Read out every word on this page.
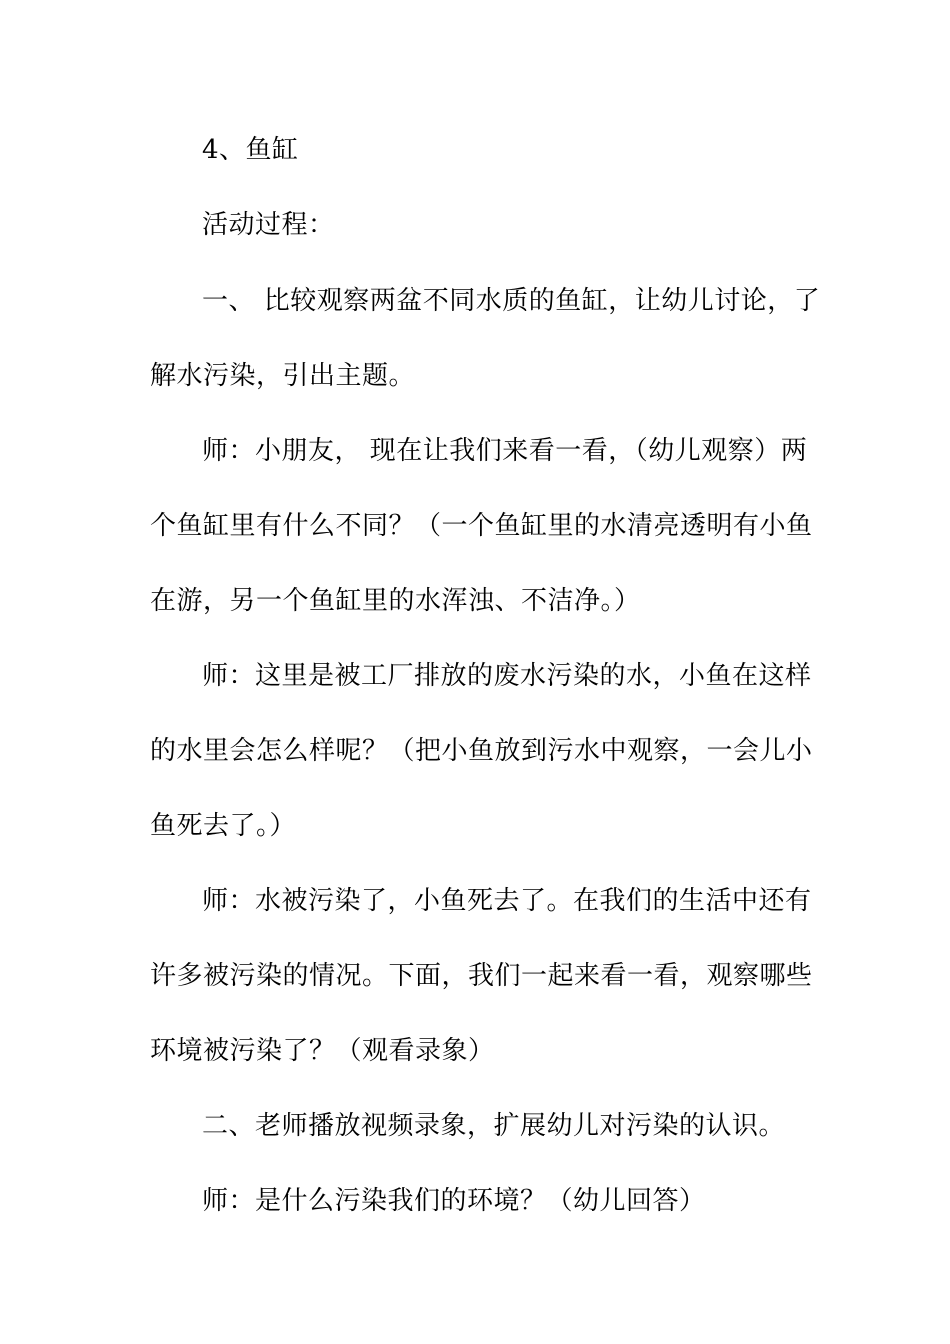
4、鱼缸
活动过程：
一、 比较观察两盆不同水质的鱼缸，让幼儿讨论，了
解水污染，引出主题。
师：小朋友， 现在让我们来看一看，（幼儿观察）两
个鱼缸里有什么不同？（一个鱼缸里的水清亮透明有小鱼
在游，另一个鱼缸里的水浑浊、不洁净。）
师：这里是被工厂排放的废水污染的水，小鱼在这样
的水里会怎么样呢？（把小鱼放到污水中观察，一会儿小
鱼死去了。）
师：水被污染了，小鱼死去了。在我们的生活中还有
许多被污染的情况。下面，我们一起来看一看，观察哪些
环境被污染了？（观看录象）
二、老师播放视频录象，扩展幼儿对污染的认识。
师：是什么污染我们的环境？（幼儿回答）
